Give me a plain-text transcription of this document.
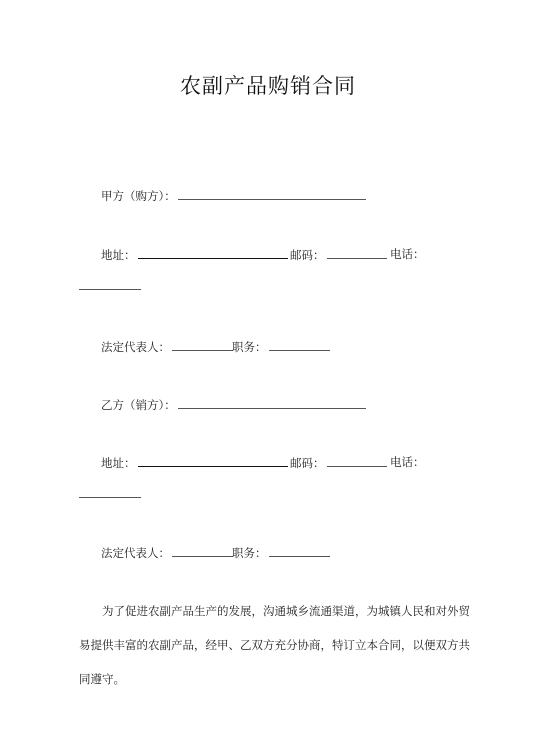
农副产品购销合同
甲方（购方）：
地址：	邮码：	电话：
法定代表人：	职务：
乙方（销方）：
地址：	邮码：	电话：
法定代表人：	职务：
为了促进农副产品生产的发展，沟通城乡流通渠道，为城镇人民和对外贸易提供丰富的农副产品，经甲、乙双方充分协商，特订立本合同，以便双方共同遵守。
